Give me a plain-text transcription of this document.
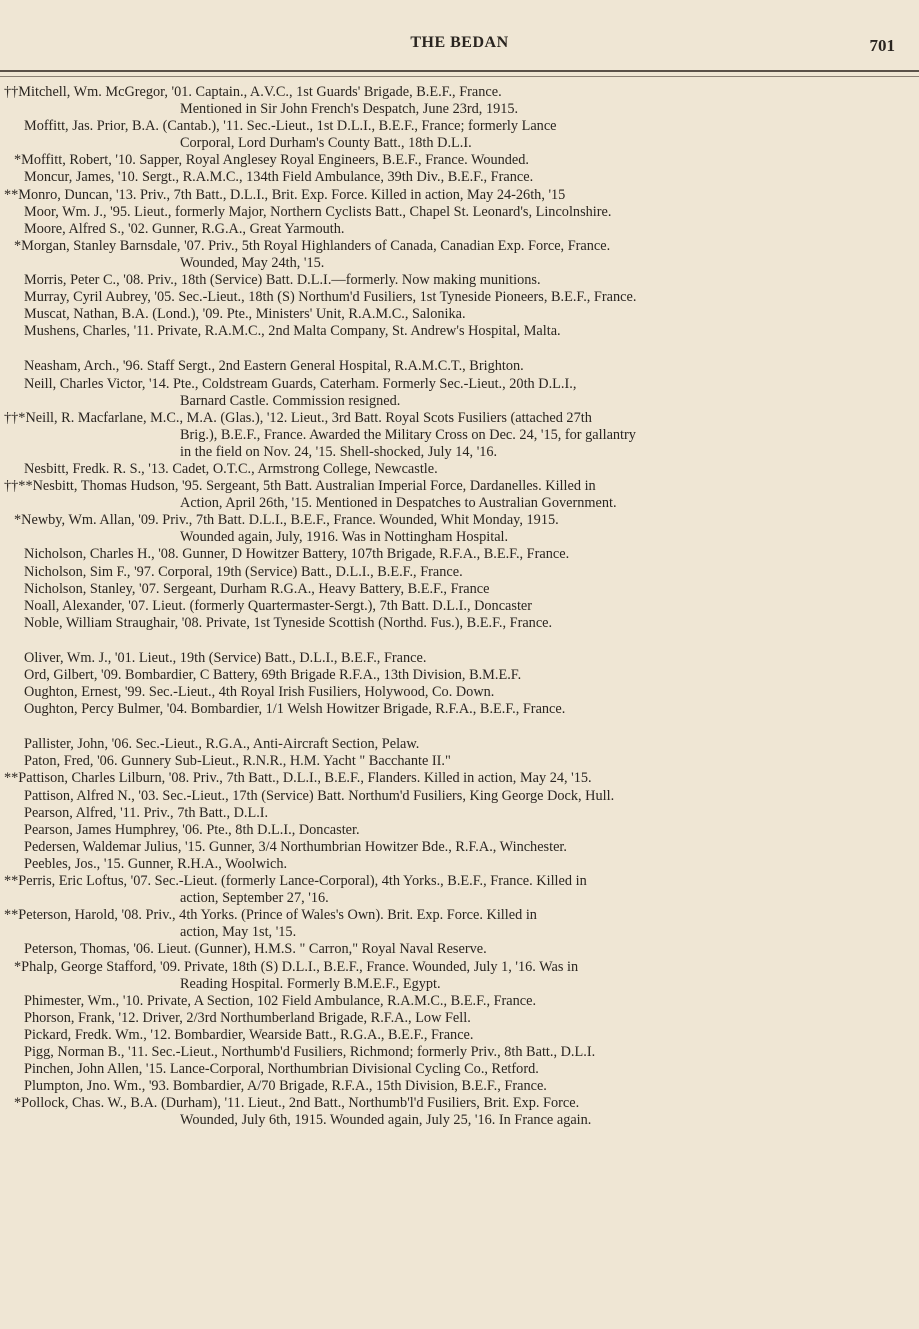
THE BEDAN	701
††Mitchell, Wm. McGregor, '01. Captain., A.V.C., 1st Guards' Brigade, B.E.F., France.
Mentioned in Sir John French's Despatch, June 23rd, 1915.
Moffitt, Jas. Prior, B.A. (Cantab.), '11. Sec.-Lieut., 1st D.L.I., B.E.F., France; formerly Lance
Corporal, Lord Durham's County Batt., 18th D.L.I.
*Moffitt, Robert, '10. Sapper, Royal Anglesey Royal Engineers, B.E.F., France. Wounded.
Moncur, James, '10. Sergt., R.A.M.C., 134th Field Ambulance, 39th Div., B.E.F., France.
**Monro, Duncan, '13. Priv., 7th Batt., D.L.I., Brit. Exp. Force. Killed in action, May 24-26th, '15
Moor, Wm. J., '95. Lieut., formerly Major, Northern Cyclists Batt., Chapel St. Leonard's, Lincolnshire.
Moore, Alfred S., '02. Gunner, R.G.A., Great Yarmouth.
*Morgan, Stanley Barnsdale, '07. Priv., 5th Royal Highlanders of Canada, Canadian Exp. Force, France.
Wounded, May 24th, '15.
Morris, Peter C., '08. Priv., 18th (Service) Batt. D.L.I.—formerly. Now making munitions.
Murray, Cyril Aubrey, '05. Sec.-Lieut., 18th (S) Northum'd Fusiliers, 1st Tyneside Pioneers, B.E.F., France.
Muscat, Nathan, B.A. (Lond.), '09. Pte., Ministers' Unit, R.A.M.C., Salonika.
Mushens, Charles, '11. Private, R.A.M.C., 2nd Malta Company, St. Andrew's Hospital, Malta.
Neasham, Arch., '96. Staff Sergt., 2nd Eastern General Hospital, R.A.M.C.T., Brighton.
Neill, Charles Victor, '14. Pte., Coldstream Guards, Caterham. Formerly Sec.-Lieut., 20th D.L.I.,
Barnard Castle. Commission resigned.
††*Neill, R. Macfarlane, M.C., M.A. (Glas.), '12. Lieut., 3rd Batt. Royal Scots Fusiliers (attached 27th
Brig.), B.E.F., France. Awarded the Military Cross on Dec. 24, '15, for gallantry
in the field on Nov. 24, '15. Shell-shocked, July 14, '16.
Nesbitt, Fredk. R. S., '13. Cadet, O.T.C., Armstrong College, Newcastle.
††**Nesbitt, Thomas Hudson, '95. Sergeant, 5th Batt. Australian Imperial Force, Dardanelles. Killed in
Action, April 26th, '15. Mentioned in Despatches to Australian Government.
*Newby, Wm. Allan, '09. Priv., 7th Batt. D.L.I., B.E.F., France. Wounded, Whit Monday, 1915.
Wounded again, July, 1916. Was in Nottingham Hospital.
Nicholson, Charles H., '08. Gunner, D Howitzer Battery, 107th Brigade, R.F.A., B.E.F., France.
Nicholson, Sim F., '97. Corporal, 19th (Service) Batt., D.L.I., B.E.F., France.
Nicholson, Stanley, '07. Sergeant, Durham R.G.A., Heavy Battery, B.E.F., France
Noall, Alexander, '07. Lieut. (formerly Quartermaster-Sergt.), 7th Batt. D.L.I., Doncaster
Noble, William Straughair, '08. Private, 1st Tyneside Scottish (Northd. Fus.), B.E.F., France.
Oliver, Wm. J., '01. Lieut., 19th (Service) Batt., D.L.I., B.E.F., France.
Ord, Gilbert, '09. Bombardier, C Battery, 69th Brigade R.F.A., 13th Division, B.M.E.F.
Oughton, Ernest, '99. Sec.-Lieut., 4th Royal Irish Fusiliers, Holywood, Co. Down.
Oughton, Percy Bulmer, '04. Bombardier, 1/1 Welsh Howitzer Brigade, R.F.A., B.E.F., France.
Pallister, John, '06. Sec.-Lieut., R.G.A., Anti-Aircraft Section, Pelaw.
Paton, Fred, '06. Gunnery Sub-Lieut., R.N.R., H.M. Yacht " Bacchante II."
**Pattison, Charles Lilburn, '08. Priv., 7th Batt., D.L.I., B.E.F., Flanders. Killed in action, May 24, '15.
Pattison, Alfred N., '03. Sec.-Lieut., 17th (Service) Batt. Northum'd Fusiliers, King George Dock, Hull.
Pearson, Alfred, '11. Priv., 7th Batt., D.L.I.
Pearson, James Humphrey, '06. Pte., 8th D.L.I., Doncaster.
Pedersen, Waldemar Julius, '15. Gunner, 3/4 Northumbrian Howitzer Bde., R.F.A., Winchester.
Peebles, Jos., '15. Gunner, R.H.A., Woolwich.
**Perris, Eric Loftus, '07. Sec.-Lieut. (formerly Lance-Corporal), 4th Yorks., B.E.F., France. Killed in
action, September 27, '16.
**Peterson, Harold, '08. Priv., 4th Yorks. (Prince of Wales's Own). Brit. Exp. Force. Killed in
action, May 1st, '15.
Peterson, Thomas, '06. Lieut. (Gunner), H.M.S. " Carron," Royal Naval Reserve.
*Phalp, George Stafford, '09. Private, 18th (S) D.L.I., B.E.F., France. Wounded, July 1, '16. Was in
Reading Hospital. Formerly B.M.E.F., Egypt.
Phimester, Wm., '10. Private, A Section, 102 Field Ambulance, R.A.M.C., B.E.F., France.
Phorson, Frank, '12. Driver, 2/3rd Northumberland Brigade, R.F.A., Low Fell.
Pickard, Fredk. Wm., '12. Bombardier, Wearside Batt., R.G.A., B.E.F., France.
Pigg, Norman B., '11. Sec.-Lieut., Northumb'd Fusiliers, Richmond; formerly Priv., 8th Batt., D.L.I.
Pinchen, John Allen, '15. Lance-Corporal, Northumbrian Divisional Cycling Co., Retford.
Plumpton, Jno. Wm., '93. Bombardier, A/70 Brigade, R.F.A., 15th Division, B.E.F., France.
*Pollock, Chas. W., B.A. (Durham), '11. Lieut., 2nd Batt., Northumb'l'd Fusiliers, Brit. Exp. Force.
Wounded, July 6th, 1915. Wounded again, July 25, '16. In France again.
